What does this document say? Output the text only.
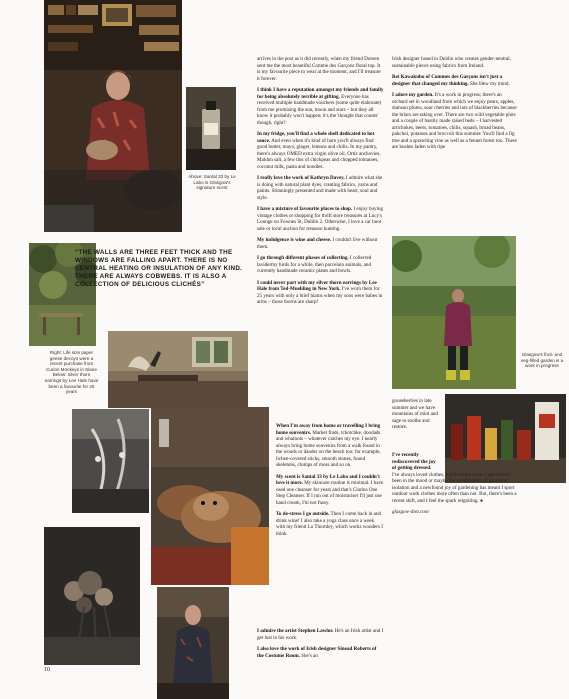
Above: Santal 33 by Le Labo is Glasgow's signature scent
“THE WALLS ARE THREE FEET THICK AND THE WINDOWS ARE FALLING APART. THERE IS NO CENTRAL HEATING OR INSULATION OF ANY KIND. THERE ARE ALWAYS COBWEBS. IT IS ALSO A COLLECTION OF DELICIOUS CLICHÉS”
Right: Life size paper geese decoys were a recent purchase from Curios Monkeys in Slane Below: silver thorn earrings by Lee Hale have been a favourite for 25 years
Glasgow's fruit- and veg-filled garden is a work in progress

arrives in the post as it did recently, when my friend Doreen sent me the most beautiful Comme des Garçons floral top. It is my favourite piece to wear at the moment, and I'll treasure it forever.

I think I have a reputation amongst my friends and family for being absolutely terrible at gifting. Everyone has received multiple handmade vouchers (some quite elaborate) from me promising the sun, moon and stars – but they all know it probably won't happen; it's the 'thought that counts' though, right?

In my fridge, you'll find a whole shelf dedicated to hot sauce. And even when it's kind of bare you'll always find good butter, mayo, ginger, lemons and chilis. In my pantry, there's always OMED extra virgin olive oil, Ortiz anchovies, Maldon salt, a few tins of chickpeas and chopped tomatoes, coconut milk, pasta and noodles.

I really love the work of Kathryn Davey. I admire what she is doing with natural plant dyes, creating fabrics, yarns and paints. Stunningly presented and made with heart, soul and style.

I have a mixture of favourite places to shop. I enjoy buying vintage clothes or shopping for thrift store treasures at Lucy's Lounge on Fownes St, Dublin 2. Otherwise, I love a car boot sale or local auction for treasure hunting.

My indulgence is wine and cheese. I couldn't live without them.

I go through different phases of collecting. I collected taxidermy birds for a while, then porcelain animals, and currently handmade ceramic plates and bowls.

I could never part with my silver thorn earrings by Lee Hale from Ted-Muehling in New York. I've worn them for 25 years with only a brief hiatus when my sons were babes in arms – those thorns are sharp!

When I'm away from home or travelling I bring home souvenirs. Market finds, tchotchke, doodads and whatnots – whatever catches my eye. I nearly always bring home souvenirs from a walk found in the woods or dander on the beach too; for example, lichen-covered sticks, smooth stones, found skeletons, clumps of moss and so on.

My scent is Santal 33 by Le Labo and I couldn't love it more. My skincare routine is minimal. I have used one cleanser for years and that's Clarins One Step Cleanser. If I run out of moisturiser I'll just use hand cream, I'm not fussy.

To de-stress I go outside. Then I come back in and drink wine! I also take a yoga class once a week with my friend Lu Thornley, which works wonders I think.

I admire the artist Stephen Lawlor. He's an Irish artist and I get lost in his work.

I also love the work of Irish designer Sinead Roberts of the Costume Room. She's an

Irish designer based in Dublin who creates gender-neutral, sustainable pieces using fabrics from Ireland.

Rei Kawakubo of Commes des Garçons isn't just a designer that changed my thinking. She blew my mind.

I adore my garden. It's a work in progress; there's an orchard set in woodland from which we enjoy pears, apples, damson plums, sour cherries and lots of blackberries because the briars are taking over. There are two wild vegetable plots and a couple of hastily made raised beds – I harvested artichokes, beets, tomatoes, chilis, squash, broad beans, pakchoi, potatoes and broccoli this summer. You'll find a fig tree and a sprawling vine as well as a fennel forest too. There are bushes laden with ripe

gooseberries in late summer and we have mountains of mint and sage to soothe and restore.

I've recently rediscovered the joy of getting dressed.
I've always loved clothes, but in recent years I just haven't been in the mood or maybe the combination of pandemic isolation and a newfound joy of gardening has meant I sport outdoor work clothes more often than not. But, there's been a recent shift, and I feel the spark reigniting. ●

glasgow-diez.com

10
